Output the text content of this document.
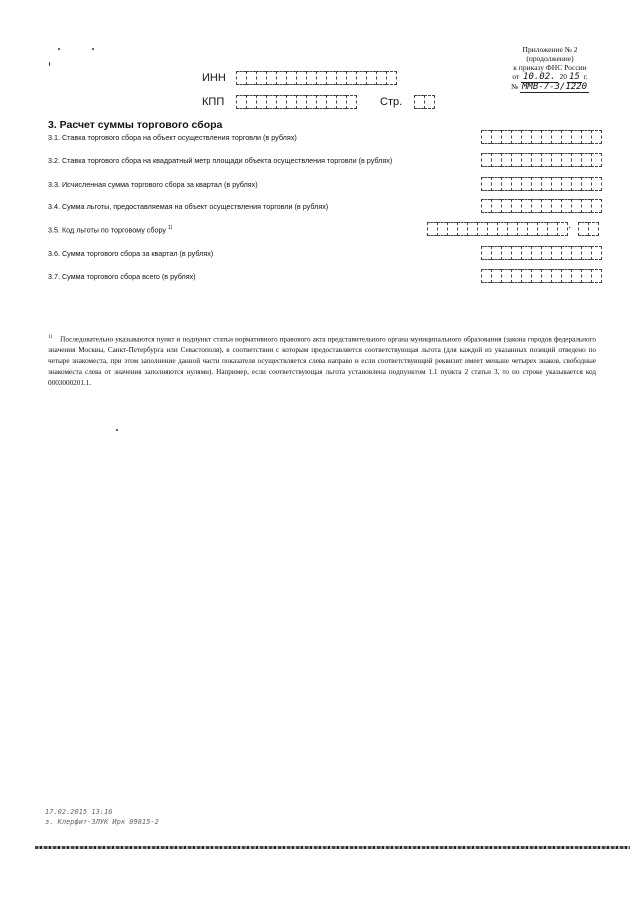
Приложение № 2
(продолжение)
к приказу ФНС России
от 10.02. 20 15 г.
№ ММВ-7-3/1220
ИНН
КПП	Стр.
3. Расчет суммы торгового сбора
3.1. Ставка торгового сбора на объект осуществления торговли (в рублях)
3.2. Ставка торгового сбора на квадратный метр площади объекта осуществления торговли (в рублях)
3.3. Исчисленная сумма торгового сбора за квартал (в рублях)
3.4. Сумма льготы, предоставляемая на объект осуществления торговли (в рублях)
3.5. Код льготы по торговому сбору $^{1)}$	·
3.6. Сумма торгового сбора за квартал (в рублях)
3.7. Сумма торгового сбора всего (в рублях)
$^{1)}$ Последовательно указываются пункт и подпункт статьи нормативного правового акта представительного органа муниципального образования (закона городов федерального значения Москвы, Санкт-Петербурга или Севастополя), в соответствии с которым предоставляется соответствующая льгота (для каждой из указанных позиций отведено по четыре знакоместа, при этом заполнение данной части показателя осуществляется слева направо и если соответствующий реквизит имеет меньше четырех знаков, свободные знакоместа слева от значения заполняются нулями). Например, если соответствующая льгота установлена подпунктом 1.1 пункта 2 статьи 3, то по строке указывается код 0003000201.1.
17.02.2015 13:16
з. Клерфит-ЗЛУК Ирк 09815-2
